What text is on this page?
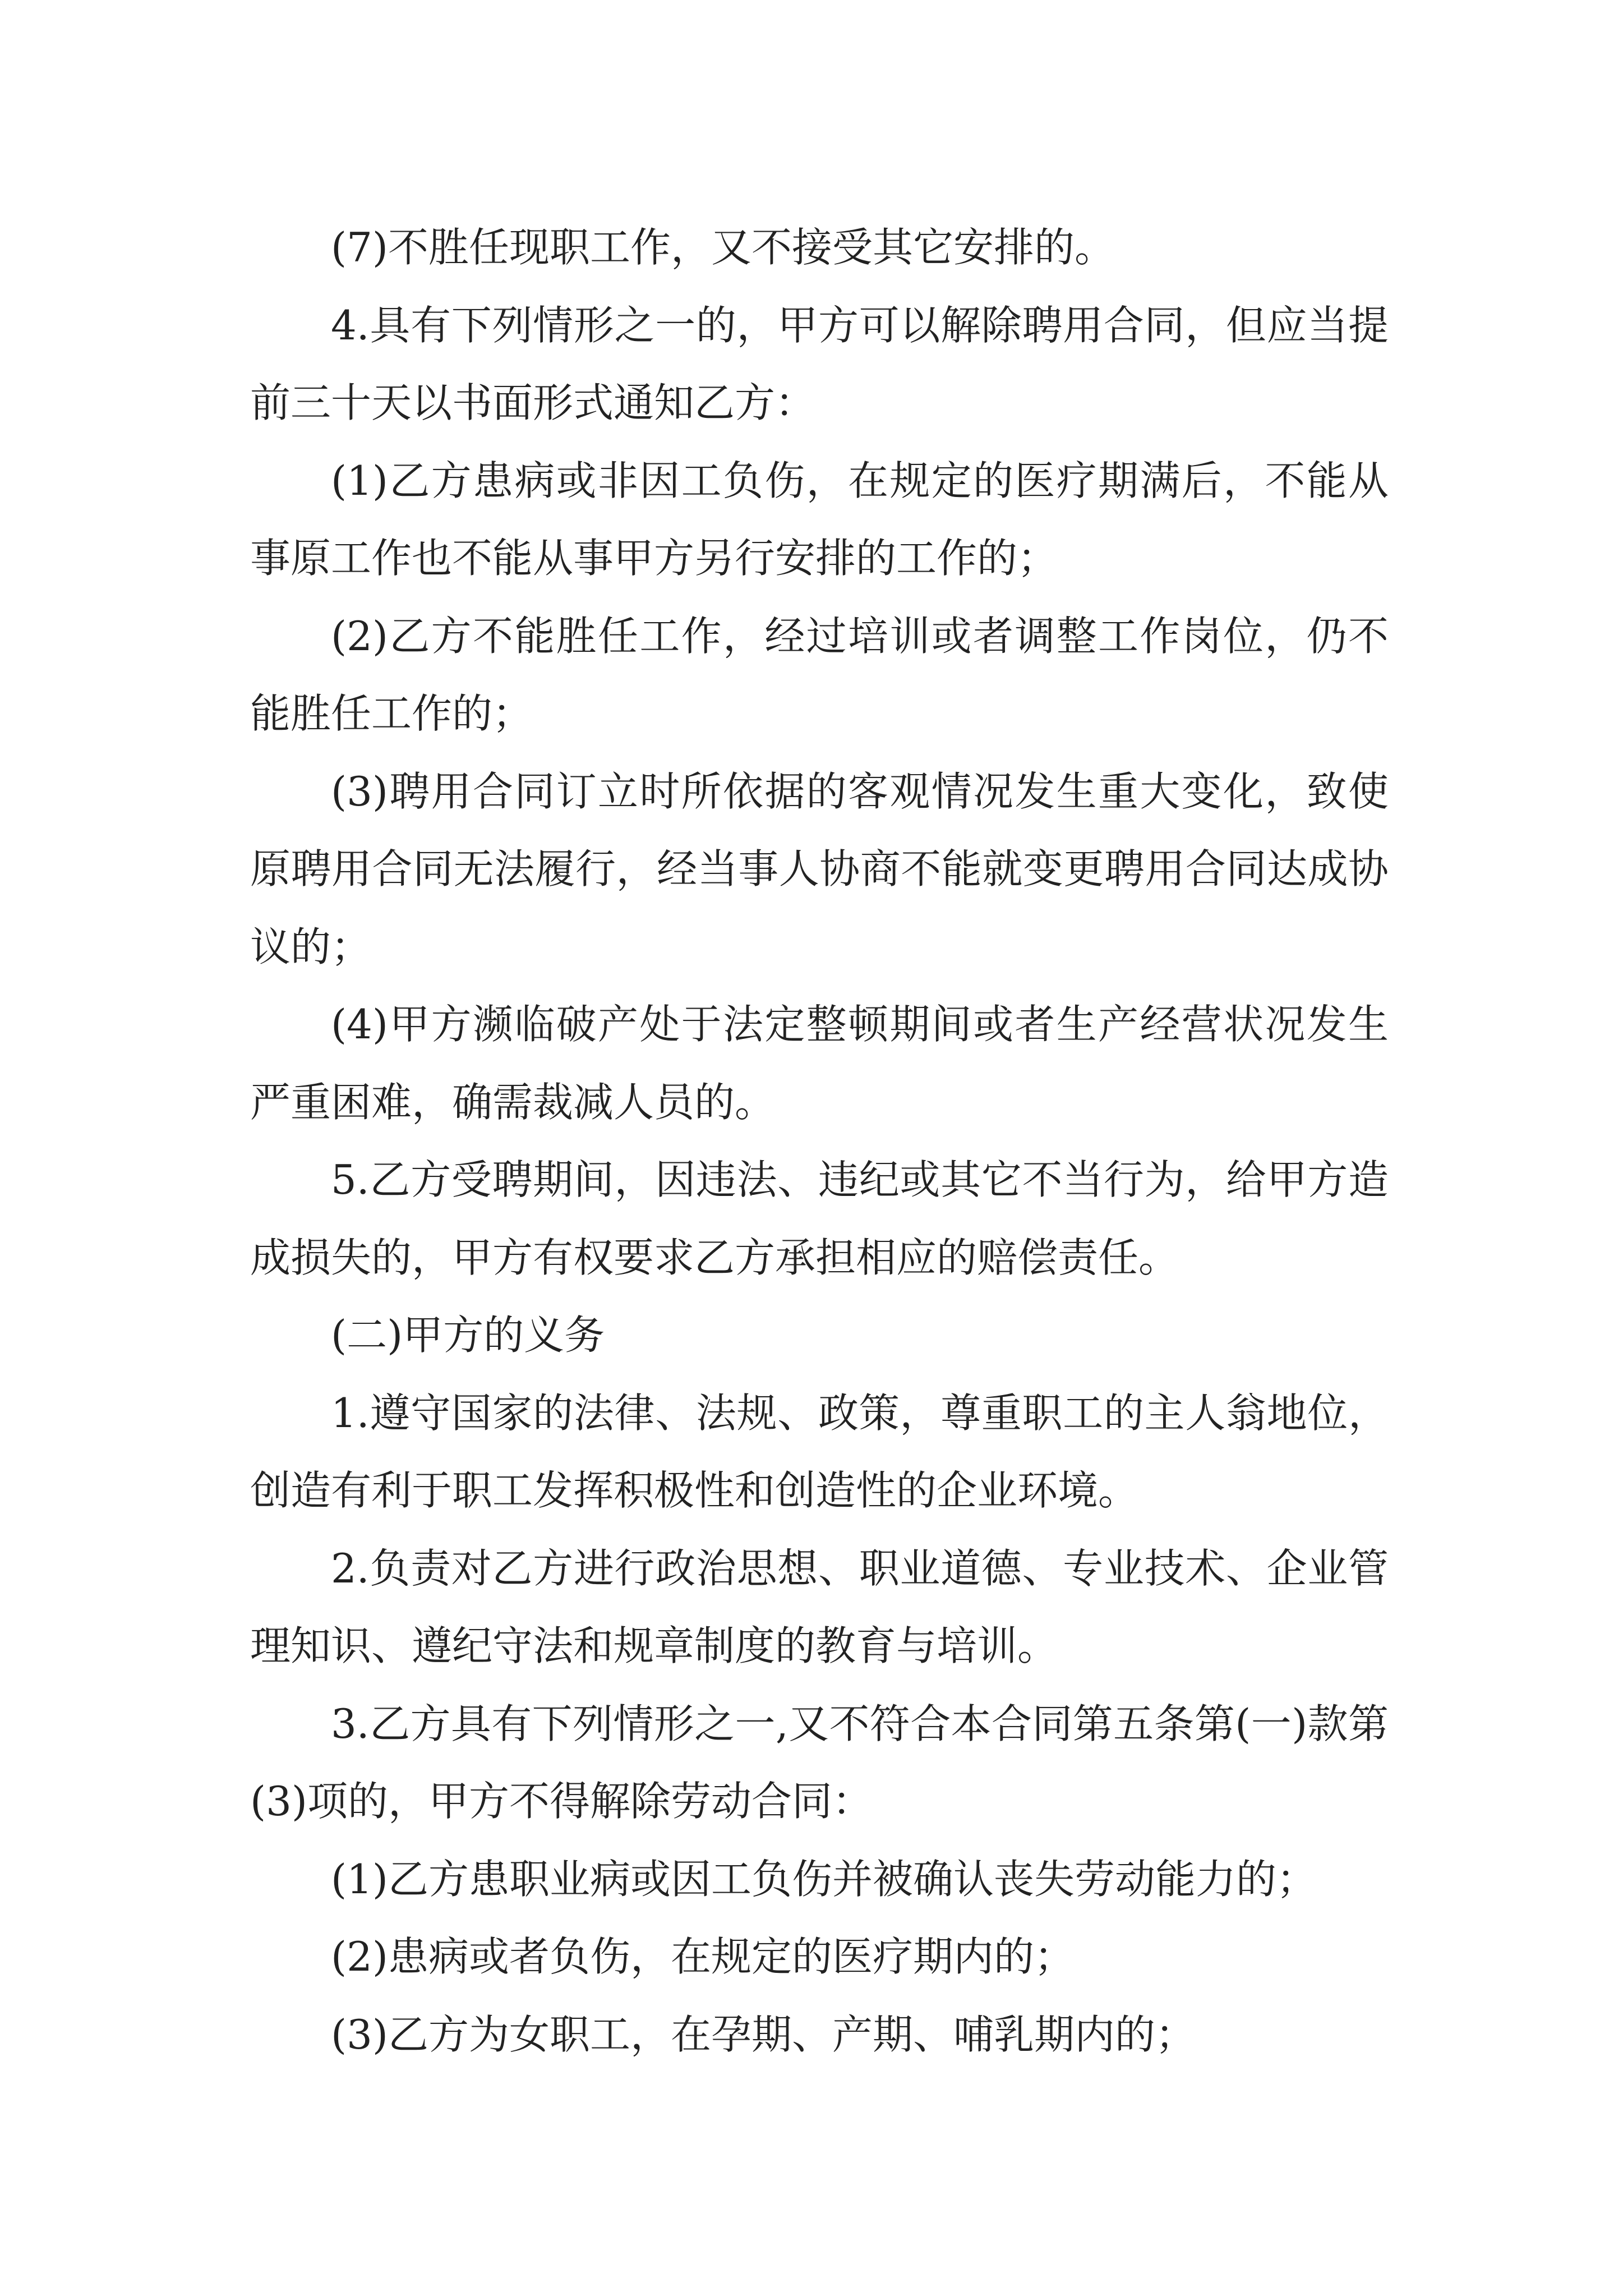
(7)不胜任现职工作，又不接受其它安排的。

4.具有下列情形之一的，甲方可以解除聘用合同，但应当提前三十天以书面形式通知乙方：

(1)乙方患病或非因工负伤，在规定的医疗期满后，不能从事原工作也不能从事甲方另行安排的工作的；

(2)乙方不能胜任工作，经过培训或者调整工作岗位，仍不能胜任工作的；

(3)聘用合同订立时所依据的客观情况发生重大变化，致使原聘用合同无法履行，经当事人协商不能就变更聘用合同达成协议的；

(4)甲方濒临破产处于法定整顿期间或者生产经营状况发生严重困难，确需裁减人员的。

5.乙方受聘期间，因违法、违纪或其它不当行为，给甲方造成损失的，甲方有权要求乙方承担相应的赔偿责任。

(二)甲方的义务

1.遵守国家的法律、法规、政策，尊重职工的主人翁地位，创造有利于职工发挥积极性和创造性的企业环境。

2.负责对乙方进行政治思想、职业道德、专业技术、企业管理知识、遵纪守法和规章制度的教育与培训。

3.乙方具有下列情形之一,又不符合本合同第五条第(一)款第(3)项的，甲方不得解除劳动合同：

(1)乙方患职业病或因工负伤并被确认丧失劳动能力的；

(2)患病或者负伤，在规定的医疗期内的；

(3)乙方为女职工，在孕期、产期、哺乳期内的；
